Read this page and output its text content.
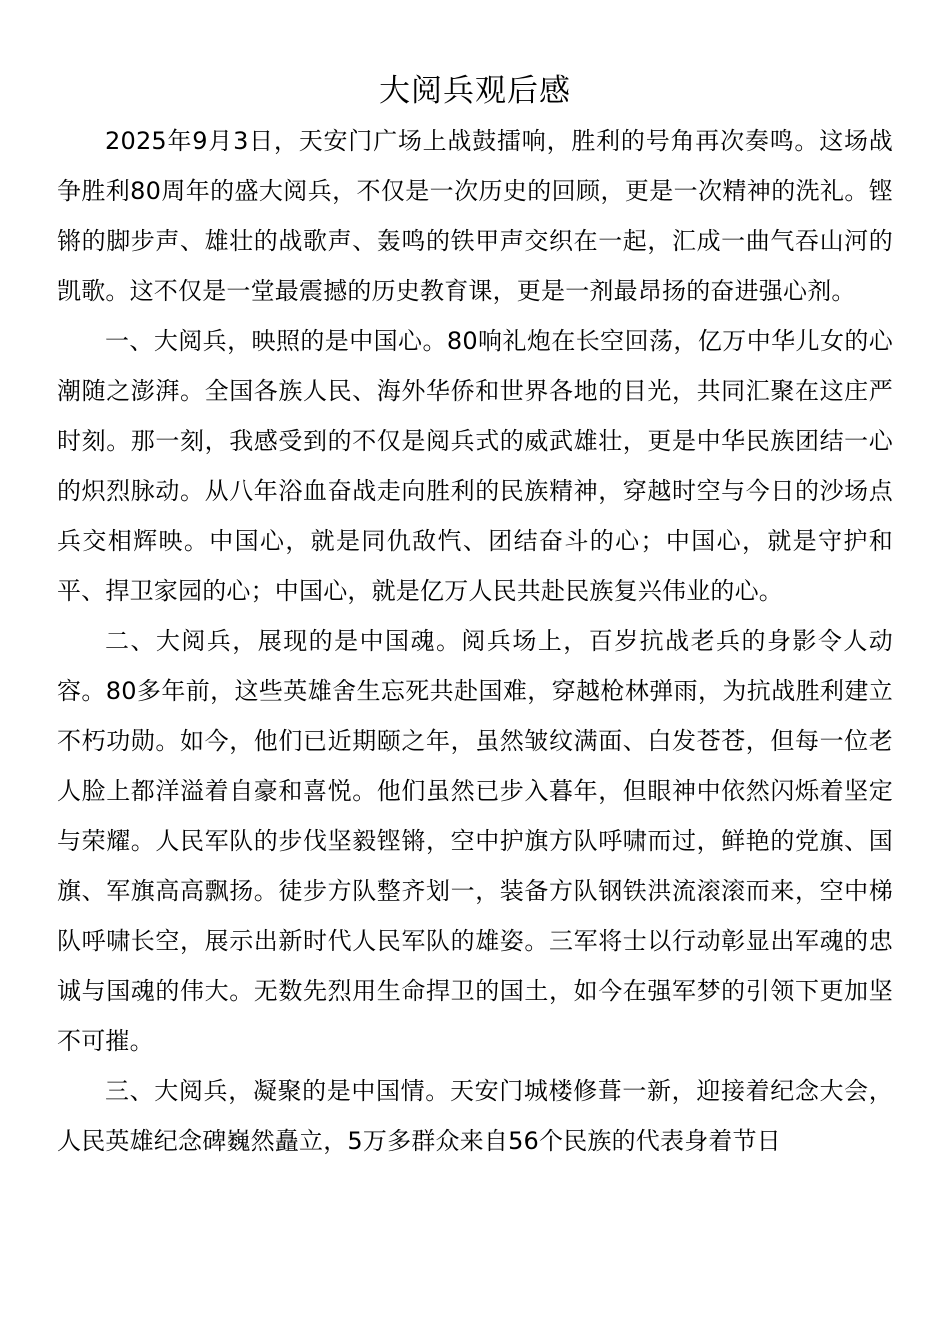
大阅兵观后感

2025年9月3日，天安门广场上战鼓擂响，胜利的号角再次奏鸣。这场战争胜利80周年的盛大阅兵，不仅是一次历史的回顾，更是一次精神的洗礼。铿锵的脚步声、雄壮的战歌声、轰鸣的铁甲声交织在一起，汇成一曲气吞山河的凯歌。这不仅是一堂最震撼的历史教育课，更是一剂最昂扬的奋进强心剂。

一、大阅兵，映照的是中国心。80响礼炮在长空回荡，亿万中华儿女的心潮随之澎湃。全国各族人民、海外华侨和世界各地的目光，共同汇聚在这庄严时刻。那一刻，我感受到的不仅是阅兵式的威武雄壮，更是中华民族团结一心的炽烈脉动。从八年浴血奋战走向胜利的民族精神，穿越时空与今日的沙场点兵交相辉映。中国心，就是同仇敌忾、团结奋斗的心；中国心，就是守护和平、捍卫家园的心；中国心，就是亿万人民共赴民族复兴伟业的心。

二、大阅兵，展现的是中国魂。阅兵场上，百岁抗战老兵的身影令人动容。80多年前，这些英雄舍生忘死共赴国难，穿越枪林弹雨，为抗战胜利建立不朽功勋。如今，他们已近期颐之年，虽然皱纹满面、白发苍苍，但每一位老人脸上都洋溢着自豪和喜悦。他们虽然已步入暮年，但眼神中依然闪烁着坚定与荣耀。人民军队的步伐坚毅铿锵，空中护旗方队呼啸而过，鲜艳的党旗、国旗、军旗高高飘扬。徒步方队整齐划一，装备方队钢铁洪流滚滚而来，空中梯队呼啸长空，展示出新时代人民军队的雄姿。三军将士以行动彰显出军魂的忠诚与国魂的伟大。无数先烈用生命捍卫的国土，如今在强军梦的引领下更加坚不可摧。

三、大阅兵，凝聚的是中国情。天安门城楼修葺一新，迎接着纪念大会，人民英雄纪念碑巍然矗立，5万多群众来自56个民族的代表身着节日
